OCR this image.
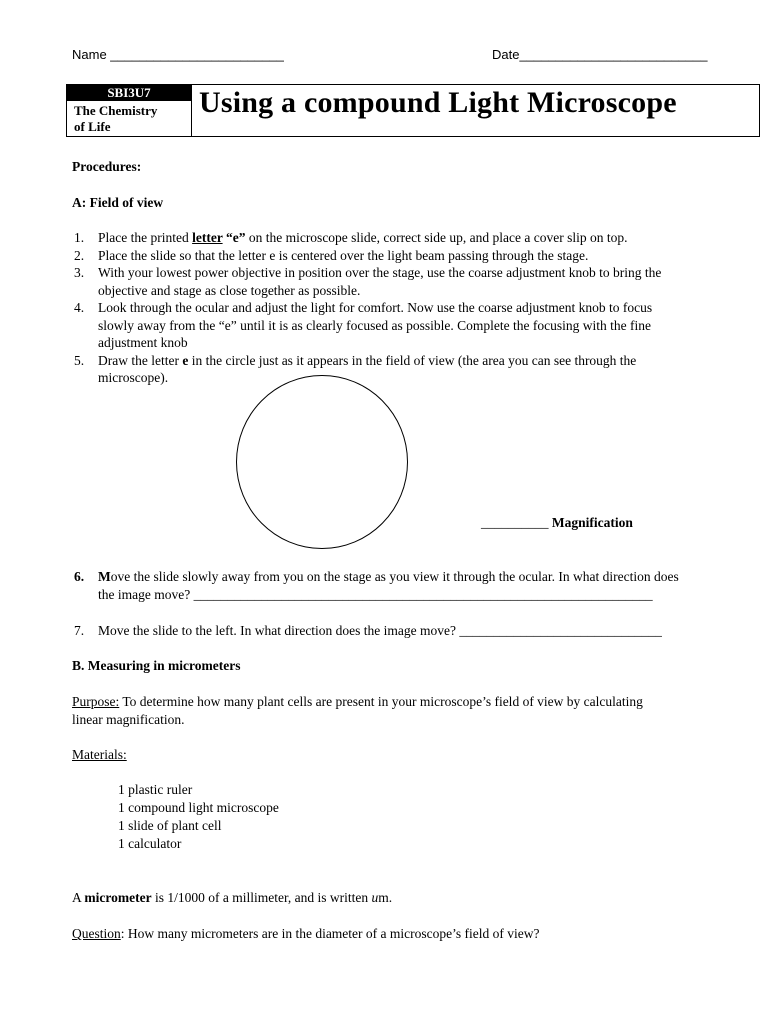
Name ________________________	Date__________________________
SBI3U7
The Chemistry
of Life
Using a compound Light Microscope
Procedures:
A: Field of view
1. Place the printed letter “e” on the microscope slide, correct side up, and place a cover slip on top.
2. Place the slide so that the letter e is centered over the light beam passing through the stage.
3. With your lowest power objective in position over the stage, use the coarse adjustment knob to bring the
objective and stage as close together as possible.
4. Look through the ocular and adjust the light for comfort. Now use the coarse adjustment knob to focus
slowly away from the “e” until it is as clearly focused as possible. Complete the focusing with the fine
adjustment knob
5. Draw the letter e in the circle just as it appears in the field of view (the area you can see through the
microscope).
__________ Magnification
6. Move the slide slowly away from you on the stage as you view it through the ocular. In what direction does
the image move? ____________________________________________________________________
7. Move the slide to the left. In what direction does the image move? ______________________________
B. Measuring in micrometers
Purpose: To determine how many plant cells are present in your microscope’s field of view by calculating
linear magnification.
Materials:
1 plastic ruler
1 compound light microscope
1 slide of plant cell
1 calculator
A micrometer is 1/1000 of a millimeter, and is written um.
Question: How many micrometers are in the diameter of a microscope’s field of view?
